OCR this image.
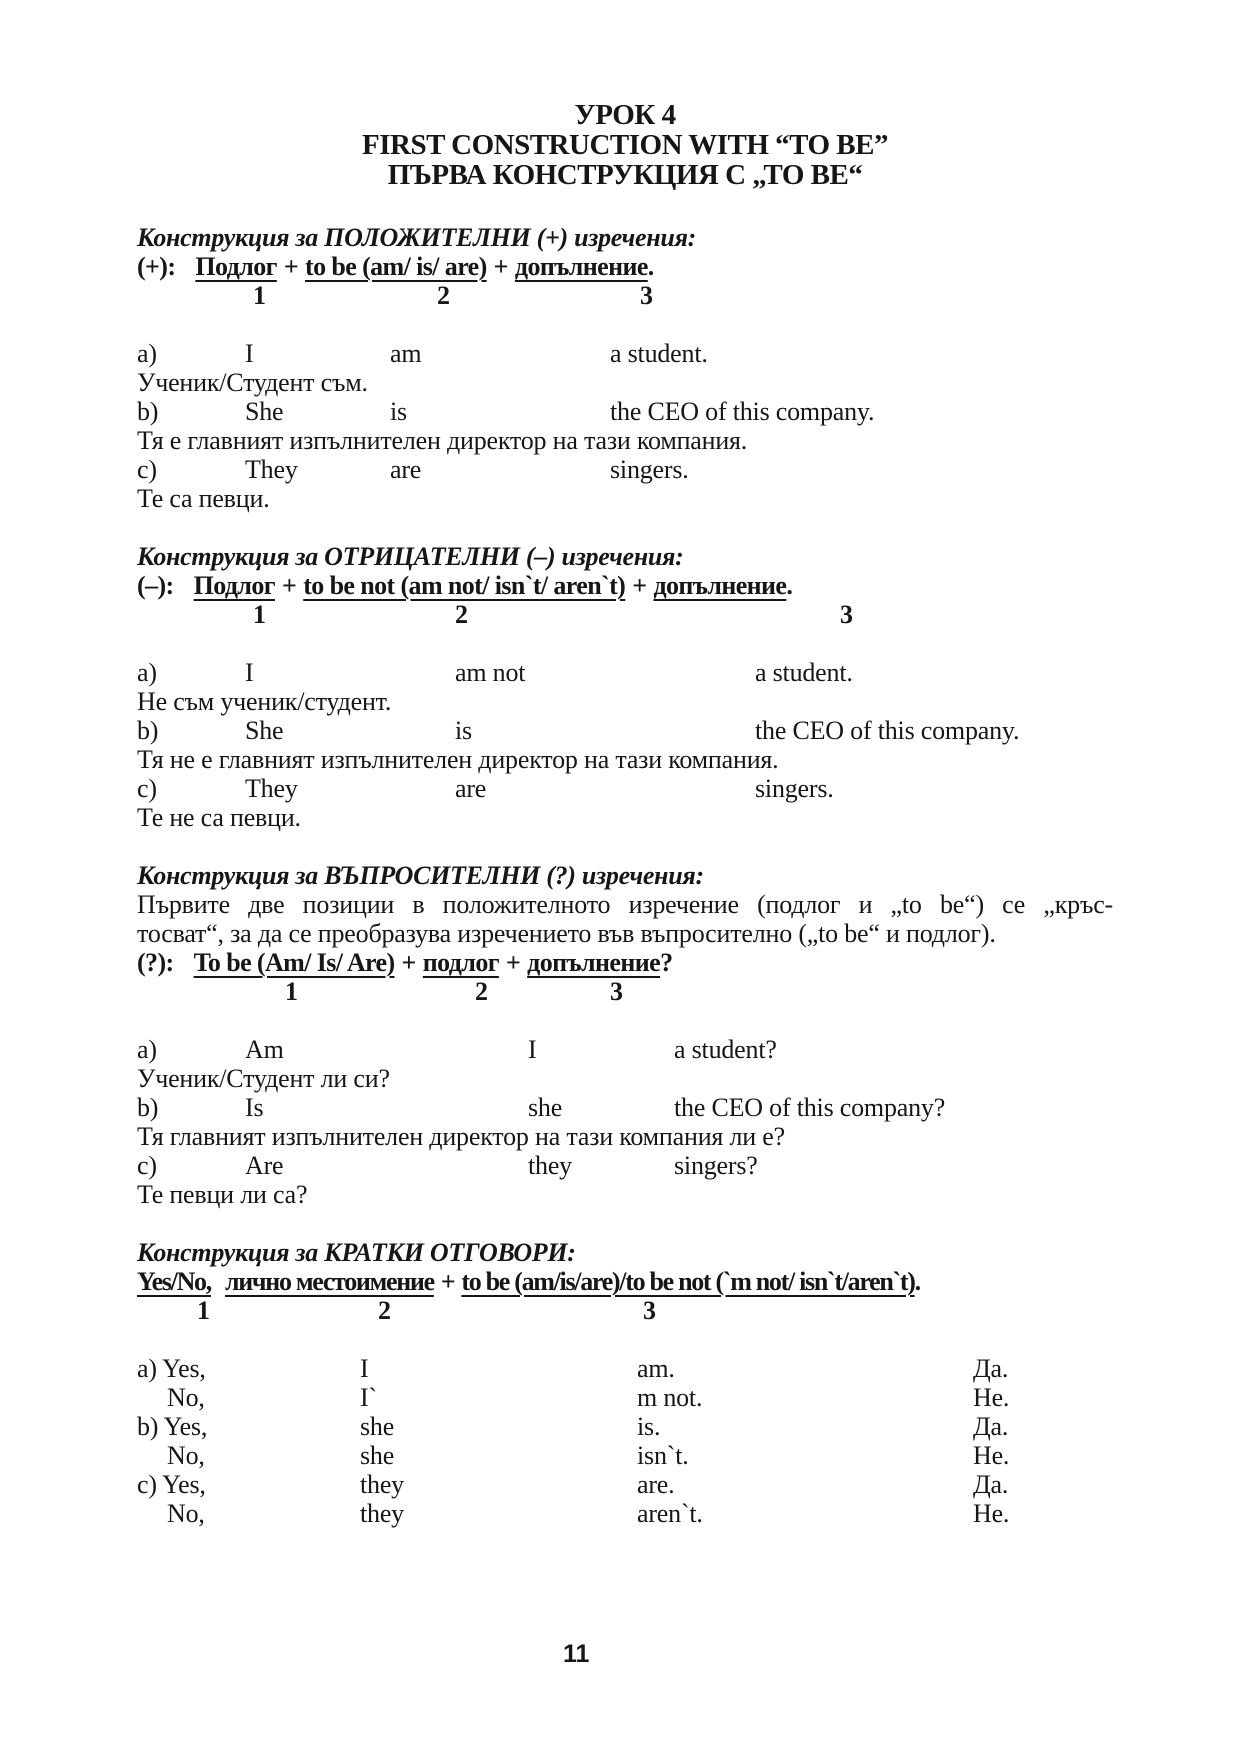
УРОК 4
FIRST CONSTRUCTION WITH “TO BE”
ПЪРВА КОНСТРУКЦИЯ С „ТО ВЕ“
Конструкция за ПОЛОЖИТЕЛНИ (+) изречения:
(+): Подлог + to be (am/ is/ are) + допълнение.
1	2	3
a)	I	am	a student.
Ученик/Студент съм.
b)	She	is	the CEO of this company.
Тя е главният изпълнителен директор на тази компания.
c)	They	are	singers.
Те са певци.
Конструкция за ОТРИЦАТЕЛНИ (–) изречения:
(–): Подлог + to be not (am not/ isn`t/ aren`t) + допълнение.
1	2	3
a)	I	am not	a student.
Не съм ученик/студент.
b)	She	is	the CEO of this company.
Тя не е главният изпълнителен директор на тази компания.
c)	They	are	singers.
Те не са певци.
Конструкция за ВЪПРОСИТЕЛНИ (?) изречения:
Първите две позиции в положителното изречение (подлог и „to be“) се „кръс-
тосват“, за да се преобразува изречението във въпросително („to be“ и подлог).
(?): To be (Am/ Is/ Are) + подлог + допълнение?
1	2	3
a)	Am	I	a student?
Ученик/Студент ли си?
b)	Is	she	the CEO of this company?
Тя главният изпълнителен директор на тази компания ли е?
c)	Are	they	singers?
Те певци ли са?
Конструкция за КРАТКИ ОТГОВОРИ:
Yes/No, лично местоимение + to be (am/is/are)/to be not (`m not/ isn`t/aren`t).
1	2	3
a) Yes,	I	am.	Да.
No,	I`	m not.	Не.
b) Yes,	she	is.	Да.
No,	she	isn`t.	Не.
c) Yes,	they	are.	Да.
No,	they	aren`t.	Не.
11
